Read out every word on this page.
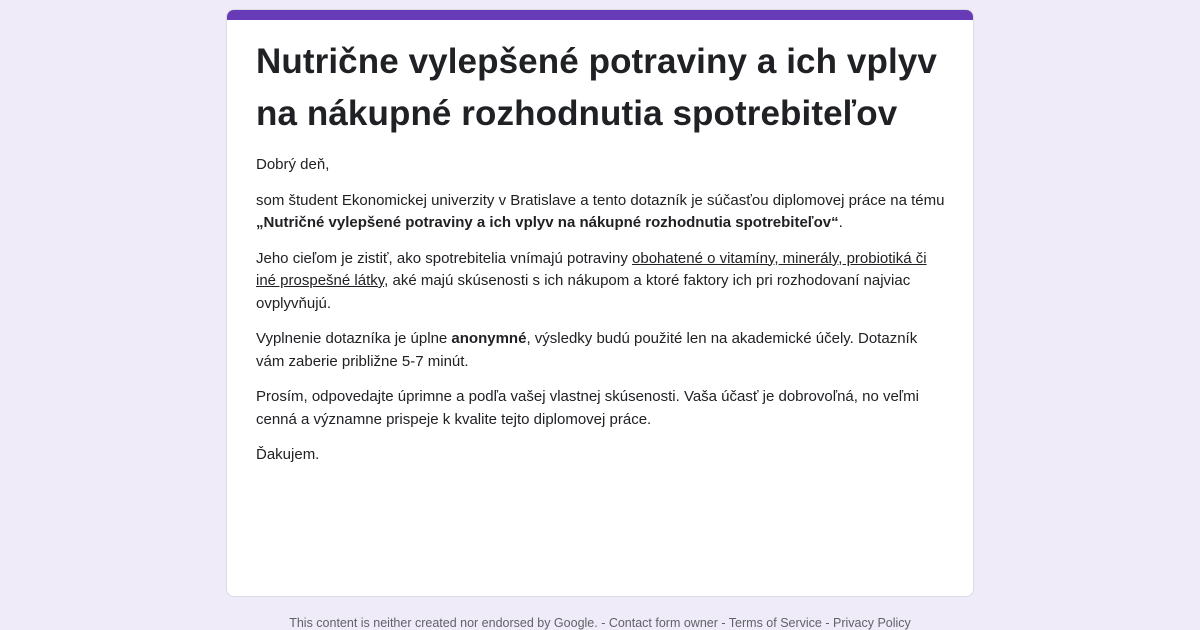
Nutričnе vylepšené potraviny a ich vplyv na nákupné rozhodnutia spotrebiteľov

Dobrý deň,

som študent Ekonomickej univerzity v Bratislave a tento dotazník je súčasťou diplomovej práce na tému „Nutričné vylepšené potraviny a ich vplyv na nákupné rozhodnutia spotrebiteľov“.

Jeho cieľom je zistiť, ako spotrebitelia vnímajú potraviny obohatené o vitamíny, minerály, probiotiká či iné prospešné látky, aké majú skúsenosti s ich nákupom a ktoré faktory ich pri rozhodovaní najviac ovplyvňujú.

Vyplnenie dotazníka je úplne anonymné, výsledky budú použité len na akademické účely. Dotazník vám zaberie približne 5-7 minút.

Prosím, odpovedajte úprimne a podľa vašej vlastnej skúsenosti. Vaša účasť je dobrovoľná, no veľmi cenná a významne prispeje k kvalite tejto diplomovej práce.

Ďakujem.

This content is neither created nor endorsed by Google. - Contact form owner - Terms of Service - Privacy Policy
